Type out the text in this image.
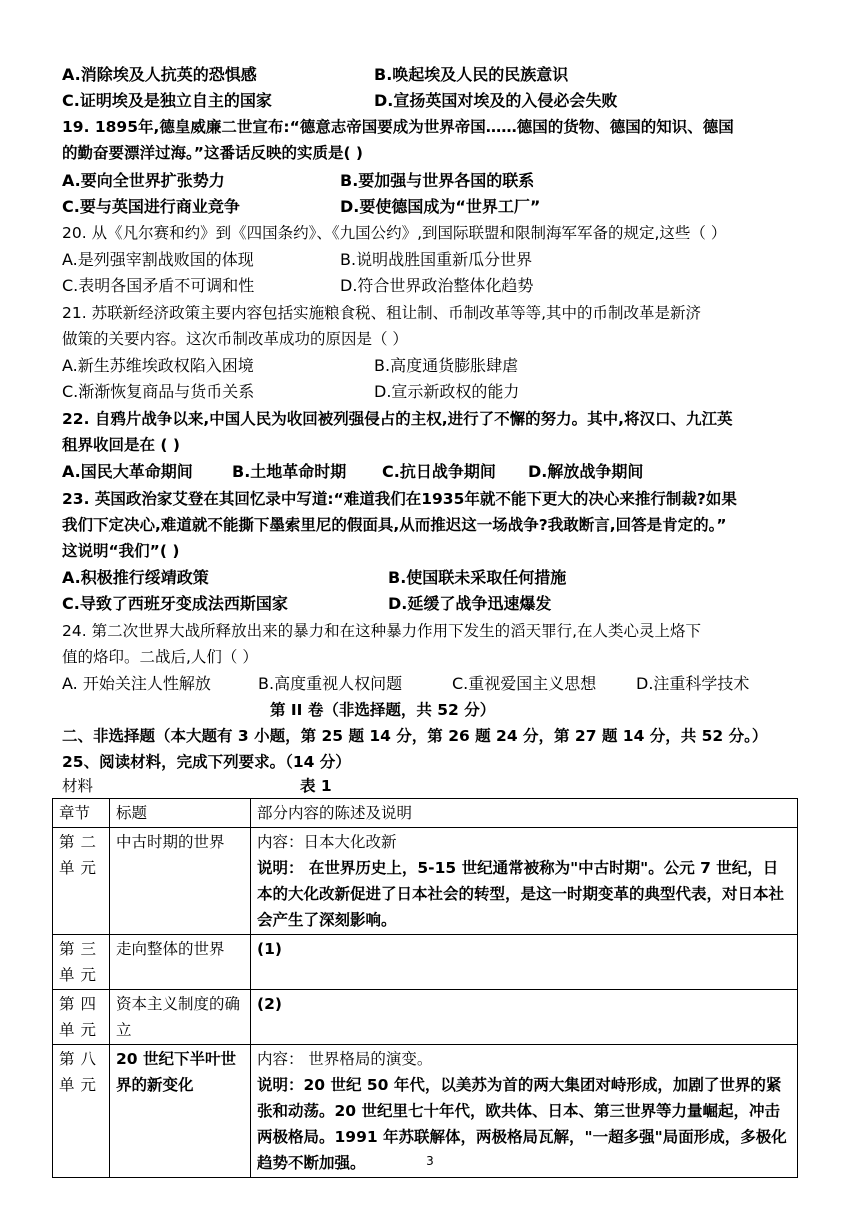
A.消除埃及人抗英的恐惧感	B.唤起埃及人民的民族意识
C.证明埃及是独立自主的国家	D.宣扬英国对埃及的入侵必会失败
19. 1895年,德皇威廉二世宣布:“德意志帝国要成为世界帝国……德国的货物、德国的知识、德国
的勤奋要漂洋过海。”这番话反映的实质是( )
A.要向全世界扩张势力	B.要加强与世界各国的联系
C.要与英国进行商业竞争	D.要使德国成为“世界工厂”
20. 从《凡尔赛和约》到《四国条约》、《九国公约》,到国际联盟和限制海军军备的规定,这些（ ）
A.是列强宰割战败国的体现	B.说明战胜国重新瓜分世界
C.表明各国矛盾不可调和性	D.符合世界政治整体化趋势
21. 苏联新经济政策主要内容包括实施粮食税、租让制、币制改革等等,其中的币制改革是新济
做策的关要内容。这次币制改革成功的原因是（ ）
A.新生苏维埃政权陷入困境	B.高度通货膨胀肆虐
C.渐渐恢复商品与货币关系	D.宣示新政权的能力
22. 自鸦片战争以来,中国人民为收回被列强侵占的主权,进行了不懈的努力。其中,将汉口、九江英
租界收回是在 ( )
A.国民大革命期间 B.土地革命时期 C.抗日战争期间 D.解放战争期间
23. 英国政治家艾登在其回忆录中写道:“难道我们在1935年就不能下更大的决心来推行制裁?如果
我们下定决心,难道就不能撕下墨索里尼的假面具,从而推迟这一场战争?我敢断言,回答是肯定的。”
这说明“我们”( )
A.积极推行绥靖政策	B.使国联未采取任何措施
C.导致了西班牙变成法西斯国家	D.延缓了战争迅速爆发
24. 第二次世界大战所释放出来的暴力和在这种暴力作用下发生的滔天罪行,在人类心灵上烙下
值的烙印。二战后,人们（ ）
A. 开始关注人性解放	B.高度重视人权问题	C.重视爱国主义思想 D.注重科学技术
第 II 卷（非选择题，共 52 分）
二、非选择题（本大题有 3 小题，第 25 题 14 分，第 26 题 24 分，第 27 题 14 分，共 52 分。）
25、阅读材料，完成下列要求。（14 分）
材料	表 1
章节	标题	部分内容的陈述及说明
第二单元	中古时期的世界	内容：日本大化改新
说明： 在世界历史上，5-15 世纪通常被称为"中古时期"。公元 7 世纪，日本的大化改新促进了日本社会的转型，是这一时期变革的典型代表，对日本社会产生了深刻影响。

第三单元	走向整体的世界	(1)
第四单元	资本主义制度的确立	(2)
第八单元	20 世纪下半叶世界的新变化	内容： 世界格局的演变。
说明：20 世纪 50 年代，以美苏为首的两大集团对峙形成，加剧了世界的紧张和动荡。20 世纪里七十年代，欧共体、日本、第三世界等力量崛起，冲击两极格局。1991 年苏联解体，两极格局瓦解，"一超多强"局面形成，多极化趋势不断加强。	3
